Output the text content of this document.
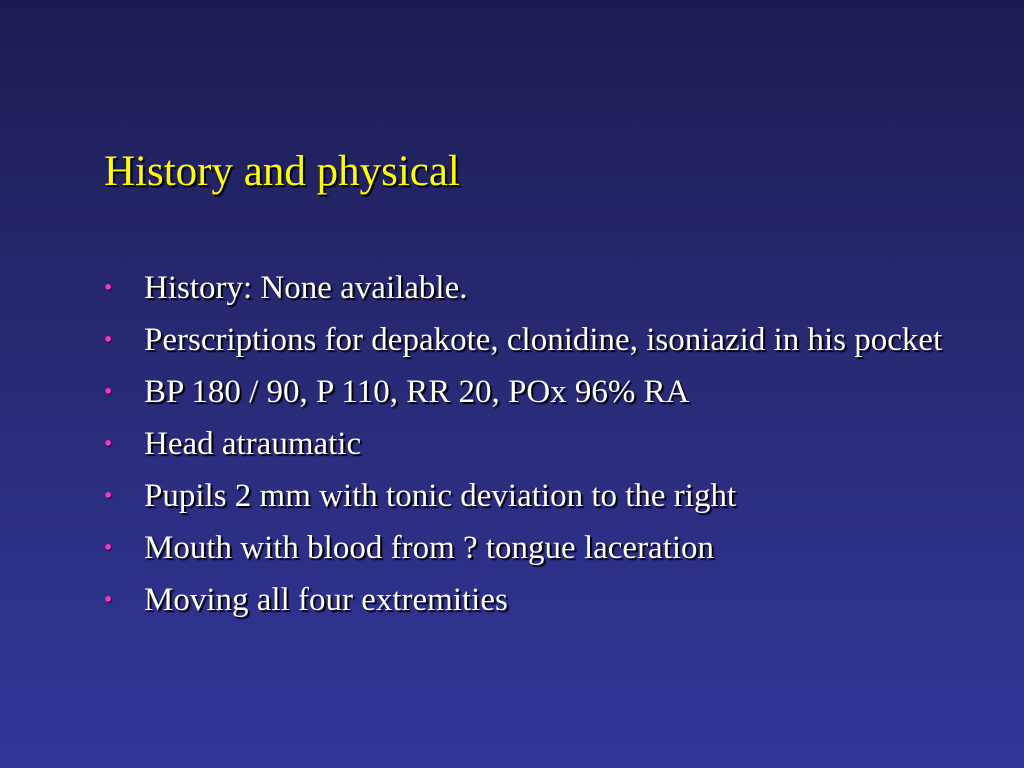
History and physical
• History: None available.
• Perscriptions for depakote, clonidine, isoniazid in his pocket
• BP 180 / 90, P 110, RR 20, POx 96% RA
• Head atraumatic
• Pupils 2 mm with tonic deviation to the right
• Mouth with blood from ? tongue laceration
• Moving all four extremities
